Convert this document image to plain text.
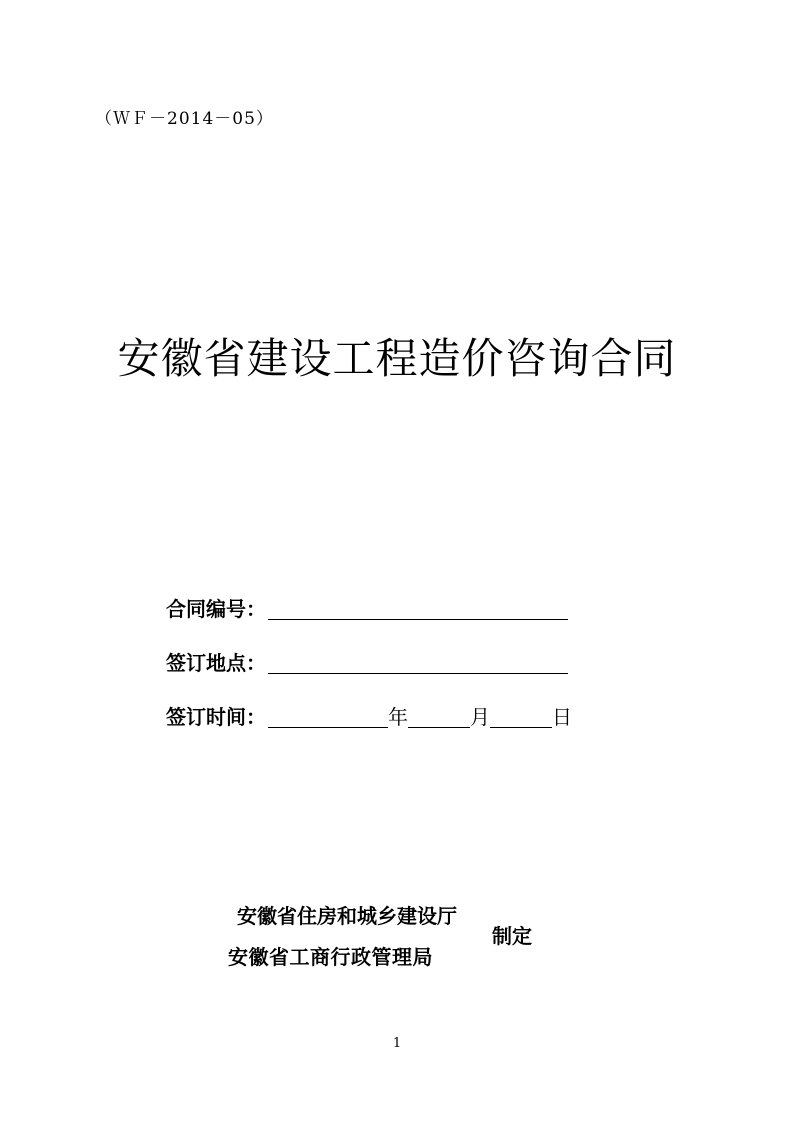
（ＷＦ－2014－05）
安徽省建设工程造价咨询合同
合同编号：
签订地点：
签订时间：	年	月	日
安徽省住房和城乡建设厅
安徽省工商行政管理局
制定
1
